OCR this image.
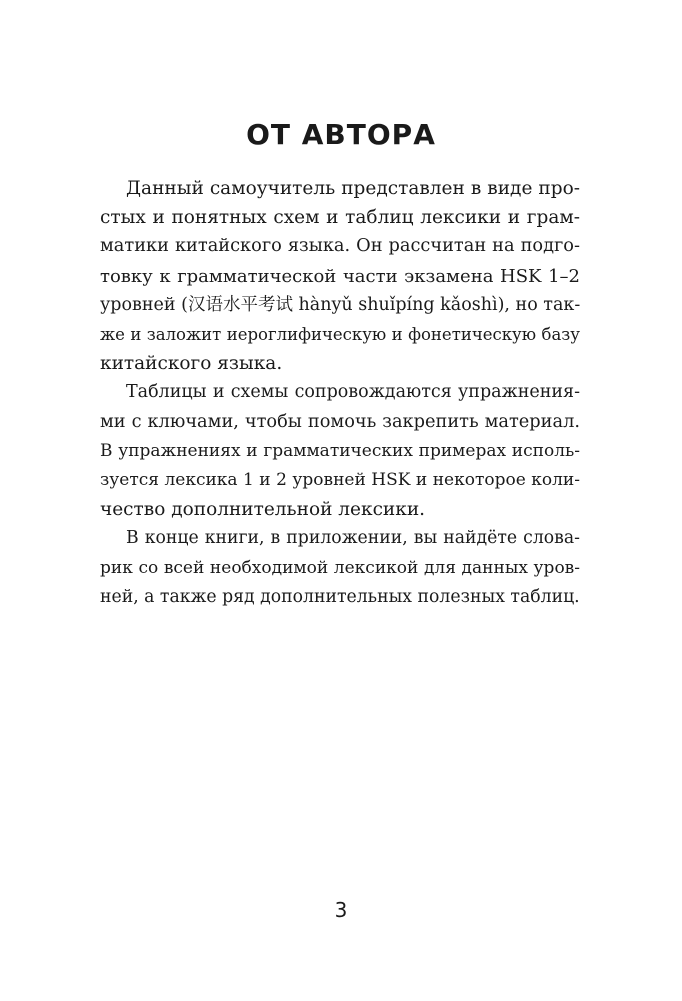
ОТ АВТОРА

Данный самоучитель представлен в виде про-
стых и понятных схем и таблиц лексики и грам-
матики китайского языка. Он рассчитан на подго-
товку к грамматической части экзамена HSK 1–2
уровней (汉语水平考试 hànyǔ shuǐpíng kǎoshì), но так-
же и заложит иероглифическую и фонетическую базу
китайского языка.

Таблицы и схемы сопровождаются упражнения-
ми с ключами, чтобы помочь закрепить материал.
В упражнениях и грамматических примерах исполь-
зуется лексика 1 и 2 уровней HSK и некоторое коли-
чество дополнительной лексики.

В конце книги, в приложении, вы найдёте слова-
рик со всей необходимой лексикой для данных уров-
ней, а также ряд дополнительных полезных таблиц.

3
